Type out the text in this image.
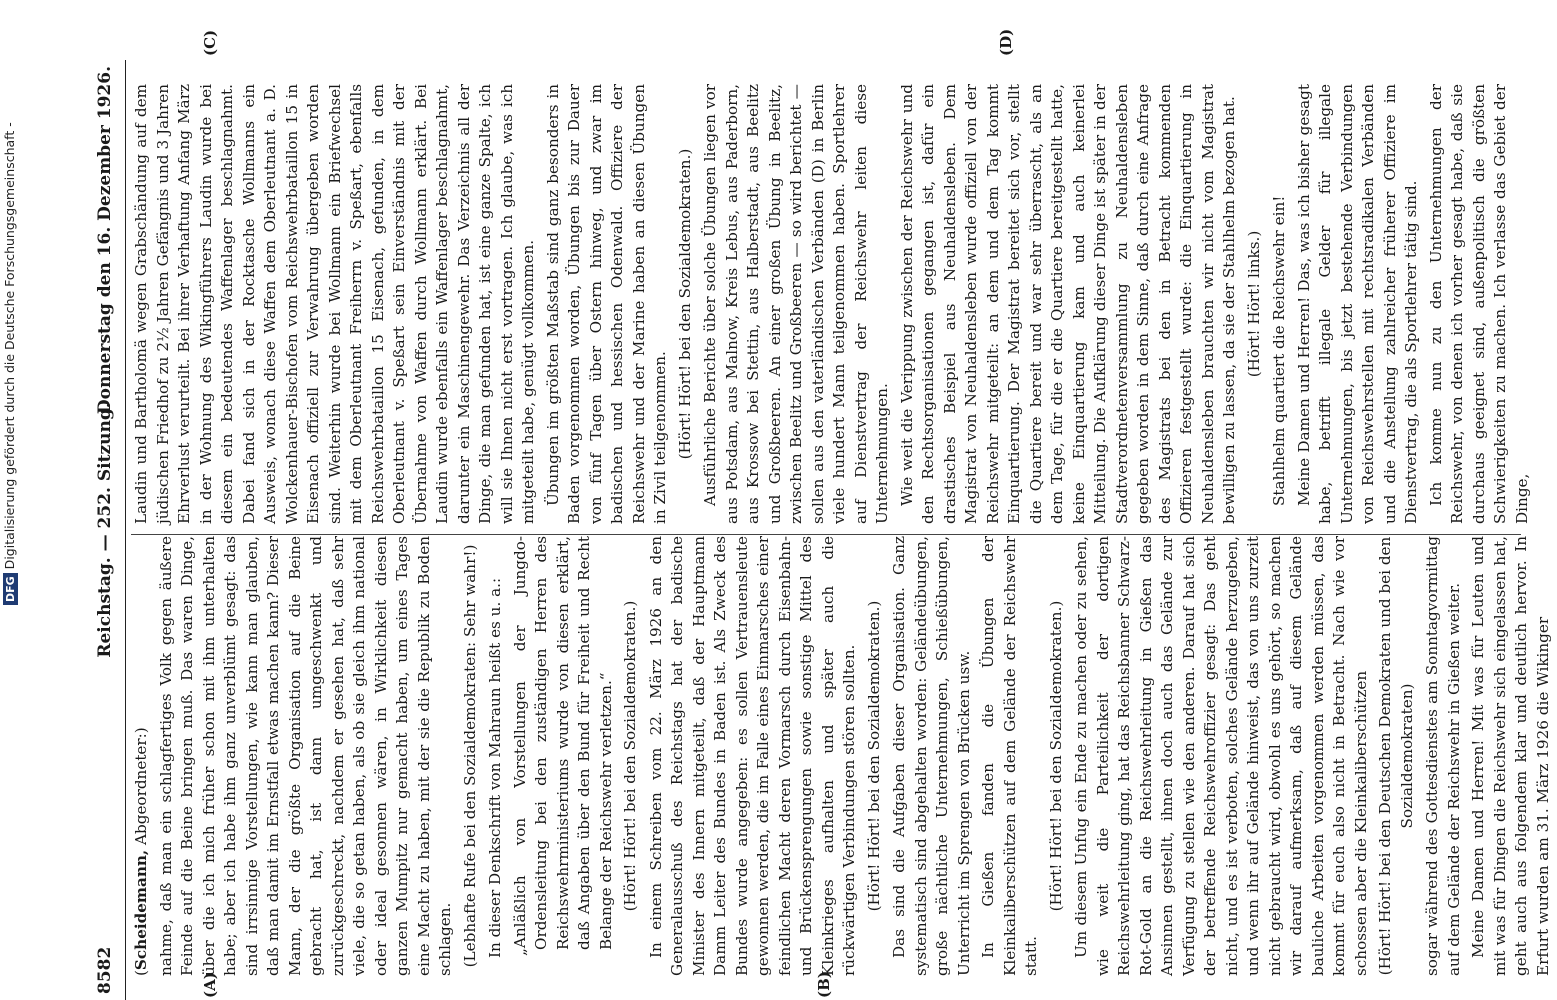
8582
Reichstag. — 252. Sitzung.
Donnerstag den 16. Dezember 1926.
(A)	(B)

(Scheidemann, Abgeordneter:) nahme, daß man ein schlagfertiges Volk gegen äußere Feinde auf die Beine bringen muß. Das waren Dinge, über die ich mich früher schon mit ihm unterhalten habe; aber ich habe ihm ganz unverblümt gesagt: das sind irrsinnige Vorstellungen, wie kann man glauben, daß man damit im Ernstfall etwas machen kann? Dieser Mann, der die größte Organisation auf die Beine gebracht hat, ist dann umgeschwenkt und zurückgeschreckt, nachdem er gesehen hat, daß sehr viele, die so getan haben, als ob sie gleich ihm national oder ideal gesonnen wären, in Wirklichkeit diesen ganzen Mumpitz nur gemacht haben, um eines Tages eine Macht zu haben, mit der sie die Republik zu Boden schlagen. (Lebhafte Rufe bei den Sozialdemokraten: Sehr wahr!) In dieser Denkschrift von Mahraun heißt es u. a.: „Anläßlich von Vorstellungen der Jungdo-Ordensleitung bei den zuständigen Herren des Reichswehrministeriums wurde von diesen erklärt, daß Angaben über den Bund für Freiheit und Recht Belange der Reichswehr verletzen.“ (Hört! Hört! bei den Sozialdemokraten.) In einem Schreiben vom 22. März 1926 an den Generalausschuß des Reichstags hat der badische Minister des Innern mitgeteilt, daß der Hauptmann Damm Leiter des Bundes in Baden ist. Als Zweck des Bundes wurde angegeben: es sollen Vertrauensleute gewonnen werden, die im Falle eines Einmarsches einer feindlichen Macht deren Vormarsch durch Eisenbahn- und Brückensprengungen sowie sonstige Mittel des Kleinkrieges aufhalten und später auch die rückwärtigen Verbindungen stören sollten. (Hört! Hört! bei den Sozialdemokraten.) Das sind die Aufgaben dieser Organisation. Ganz systematisch sind abgehalten worden: Geländeübungen, große nächtliche Unternehmungen, Schießübungen, Unterricht im Sprengen von Brücken usw. In Gießen fanden die Übungen der Kleinkaliberschützen auf dem Gelände der Reichswehr statt.

(Hört! Hört! bei den Sozialdemokraten.) Um diesem Unfug ein Ende zu machen oder zu sehen, wie weit die Parteilichkeit der dortigen Reichswehrleitung ging, hat das Reichsbanner Schwarz-Rot-Gold an die Reichswehrleitung in Gießen das Ansinnen gestellt, ihnen doch auch das Gelände zur Verfügung zu stellen wie den anderen. Darauf hat sich der betreffende Reichswehroffizier gesagt: Das geht nicht, und es ist verboten, solches Gelände herzugeben, und wenn ihr auf Gelände hinweist, das von uns zurzeit nicht gebraucht wird, obwohl es uns gehört, so machen wir darauf aufmerksam, daß auf diesem Gelände bauliche Arbeiten vorgenommen werden müssen, das kommt für euch also nicht in Betracht. Nach wie vor schossen aber die Kleinkaliberschützen (Hört! Hört! bei den Deutschen Demokraten und bei den Sozialdemokraten) sogar während des Gottesdienstes am Sonntagvormittag auf dem Gelände der Reichswehr in Gießen weiter. Meine Damen und Herren! Mit was für Leuten und mit was für Dingen die Reichswehr sich eingelassen hat, geht auch aus folgendem klar und deutlich hervor. In Erfurt wurden am 31. März 1926 die Wikinger

Laudin und Bartholomä wegen Grabschändung auf dem jüdischen Friedhof zu 2½ Jahren Gefängnis und 3 Jahren Ehrverlust verurteilt. Bei ihrer Verhaftung Anfang März in der Wohnung des Wikingführers Laudin wurde bei diesem ein bedeutendes Waffenlager beschlagnahmt. Dabei fand sich in der Rocktasche Wollmanns ein Ausweis, wonach diese Waffen dem Oberleutnant a. D. Wolckenhauer-Bischofen vom Reichswehrbataillon 15 in Eisenach offiziell zur Verwahrung übergeben worden sind. Weiterhin wurde bei Wollmann ein Briefwechsel mit dem Oberleutnant Freiherrn v. Speßart, ebenfalls Reichswehrbataillon 15 Eisenach, gefunden, in dem Oberleutnant v. Speßart sein Einverständnis mit der Übernahme von Waffen durch Wollmann erklärt. Bei Laudin wurde ebenfalls ein Waffenlager beschlagnahmt, darunter ein Maschinengewehr. Das Verzeichnis all der Dinge, die man gefunden hat, ist eine ganze Spalte, ich will sie Ihnen nicht erst vortragen. Ich glaube, was ich mitgeteilt habe, genügt vollkommen. Übungen im größten Maßstab sind ganz besonders in Baden vorgenommen worden, Übungen bis zur Dauer von fünf Tagen über Ostern hinweg, und zwar im badischen und hessischen Odenwald. Offiziere der Reichswehr und der Marine haben an diesen Übungen in Zivil teilgenommen. (Hört! Hört! bei den Sozialdemokraten.) Ausführliche Berichte über solche Übungen liegen vor aus Potsdam, aus Malnow, Kreis Lebus, aus Paderborn, aus Krossow bei Stettin, aus Halberstadt, aus Beelitz und Großbeeren. An einer großen Übung in Beelitz, zwischen Beelitz und Großbeeren — so wird berichtet — sollen aus den vaterländischen Verbänden (D) in Berlin viele hundert Mann teilgenommen haben. Sportlehrer auf Dienstvertrag der Reichswehr leiten diese Unternehmungen. Wie weit die Verippung zwischen der Reichswehr und den Rechtsorganisationen gegangen ist, dafür ein drastisches Beispiel aus Neuhaldensleben. Dem Magistrat von Neuhaldensleben wurde offiziell von der Reichswehr mitgeteilt: an dem und dem Tag kommt Einquartierung. Der Magistrat bereitet sich vor, stellt die Quartiere bereit und war sehr überrascht, als an dem Tage, für die er die Quartiere bereitgestellt hatte, keine Einquartierung kam und auch keinerlei Mitteilung. Die Aufklärung dieser Dinge ist später in der Stadtverordnetenversammlung zu Neuhaldensleben gegeben worden in dem Sinne, daß durch eine Anfrage des Magistrats bei den in Betracht kommenden Offizieren festgestellt wurde: die Einquartierung in Neuhaldensleben brauchten wir nicht vom Magistrat bewilligen zu lassen, da sie der Stahlhelm bezogen hat. (Hört! Hört! links.) Stahlhelm quartiert die Reichswehr ein! Meine Damen und Herren! Das, was ich bisher gesagt habe, betrifft illegale Gelder für illegale Unternehmungen, bis jetzt bestehende Verbindungen von Reichswehrstellen mit rechtsradikalen Verbänden und die Anstellung zahlreicher früherer Offiziere im Dienstvertrag, die als Sportlehrer tätig sind. Ich komme nun zu den Unternehmungen der Reichswehr, von denen ich vorher gesagt habe, daß sie durchaus geeignet sind, außenpolitisch die größten Schwierigkeiten zu machen. Ich verlasse das Gebiet der Dinge,

(C)	(D)
DFGDigitalisierung gefördert durch die Deutsche Forschungsgemeinschaft -
